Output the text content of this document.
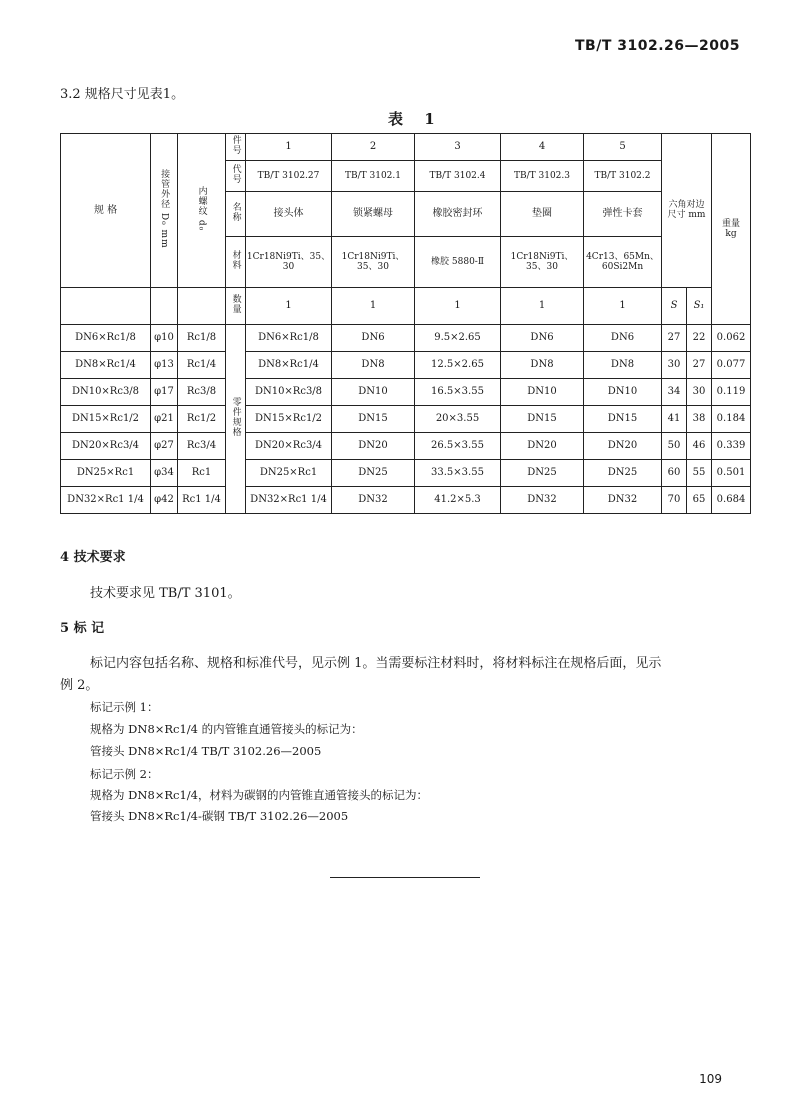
TB/T 3102.26—2005
3.2 规格尺寸见表1。
表 1
规 格	接管外径 D₀ mm	内螺纹 d₀	件号	1	2	3	4	5	六角对边尺寸 mm		重量 kg
			代号	TB/T 3102.27	TB/T 3102.1	TB/T 3102.4	TB/T 3102.3	TB/T 3102.2			
			名称	接头体	锁紧螺母	橡胶密封环	垫圈	弹性卡套			
			材料	1Cr18Ni9Ti、35、30	1Cr18Ni9Ti、35、30	橡胶 5880-Ⅱ	1Cr18Ni9Ti、35、30	4Cr13、65Mn、60Si2Mn			
			数量	1	1	1	1	1	S	S₁	
DN6×Rc1/8	φ10	Rc1/8	零件规格	DN6×Rc1/8	DN6	9.5×2.65	DN6	DN6	27	22	0.062
DN8×Rc1/4	φ13	Rc1/4		DN8×Rc1/4	DN8	12.5×2.65	DN8	DN8	30	27	0.077
DN10×Rc3/8	φ17	Rc3/8		DN10×Rc3/8	DN10	16.5×3.55	DN10	DN10	34	30	0.119
DN15×Rc1/2	φ21	Rc1/2		DN15×Rc1/2	DN15	20×3.55	DN15	DN15	41	38	0.184
DN20×Rc3/4	φ27	Rc3/4		DN20×Rc3/4	DN20	26.5×3.55	DN20	DN20	50	46	0.339
DN25×Rc1	φ34	Rc1		DN25×Rc1	DN25	33.5×3.55	DN25	DN25	60	55	0.501
DN32×Rc1 1/4	φ42	Rc1 1/4		DN32×Rc1 1/4	DN32	41.2×5.3	DN32	DN32	70	65	0.684
4 技术要求
技术要求见 TB/T 3101。
5 标 记
标记内容包括名称、规格和标准代号，见示例 1。当需要标注材料时，将材料标注在规格后面，见示
例 2。
标记示例 1：
规格为 DN8×Rc1/4 的内管锥直通管接头的标记为：
管接头 DN8×Rc1/4 TB/T 3102.26—2005
标记示例 2：
规格为 DN8×Rc1/4，材料为碳钢的内管锥直通管接头的标记为：
管接头 DN8×Rc1/4-碳钢 TB/T 3102.26—2005
109
